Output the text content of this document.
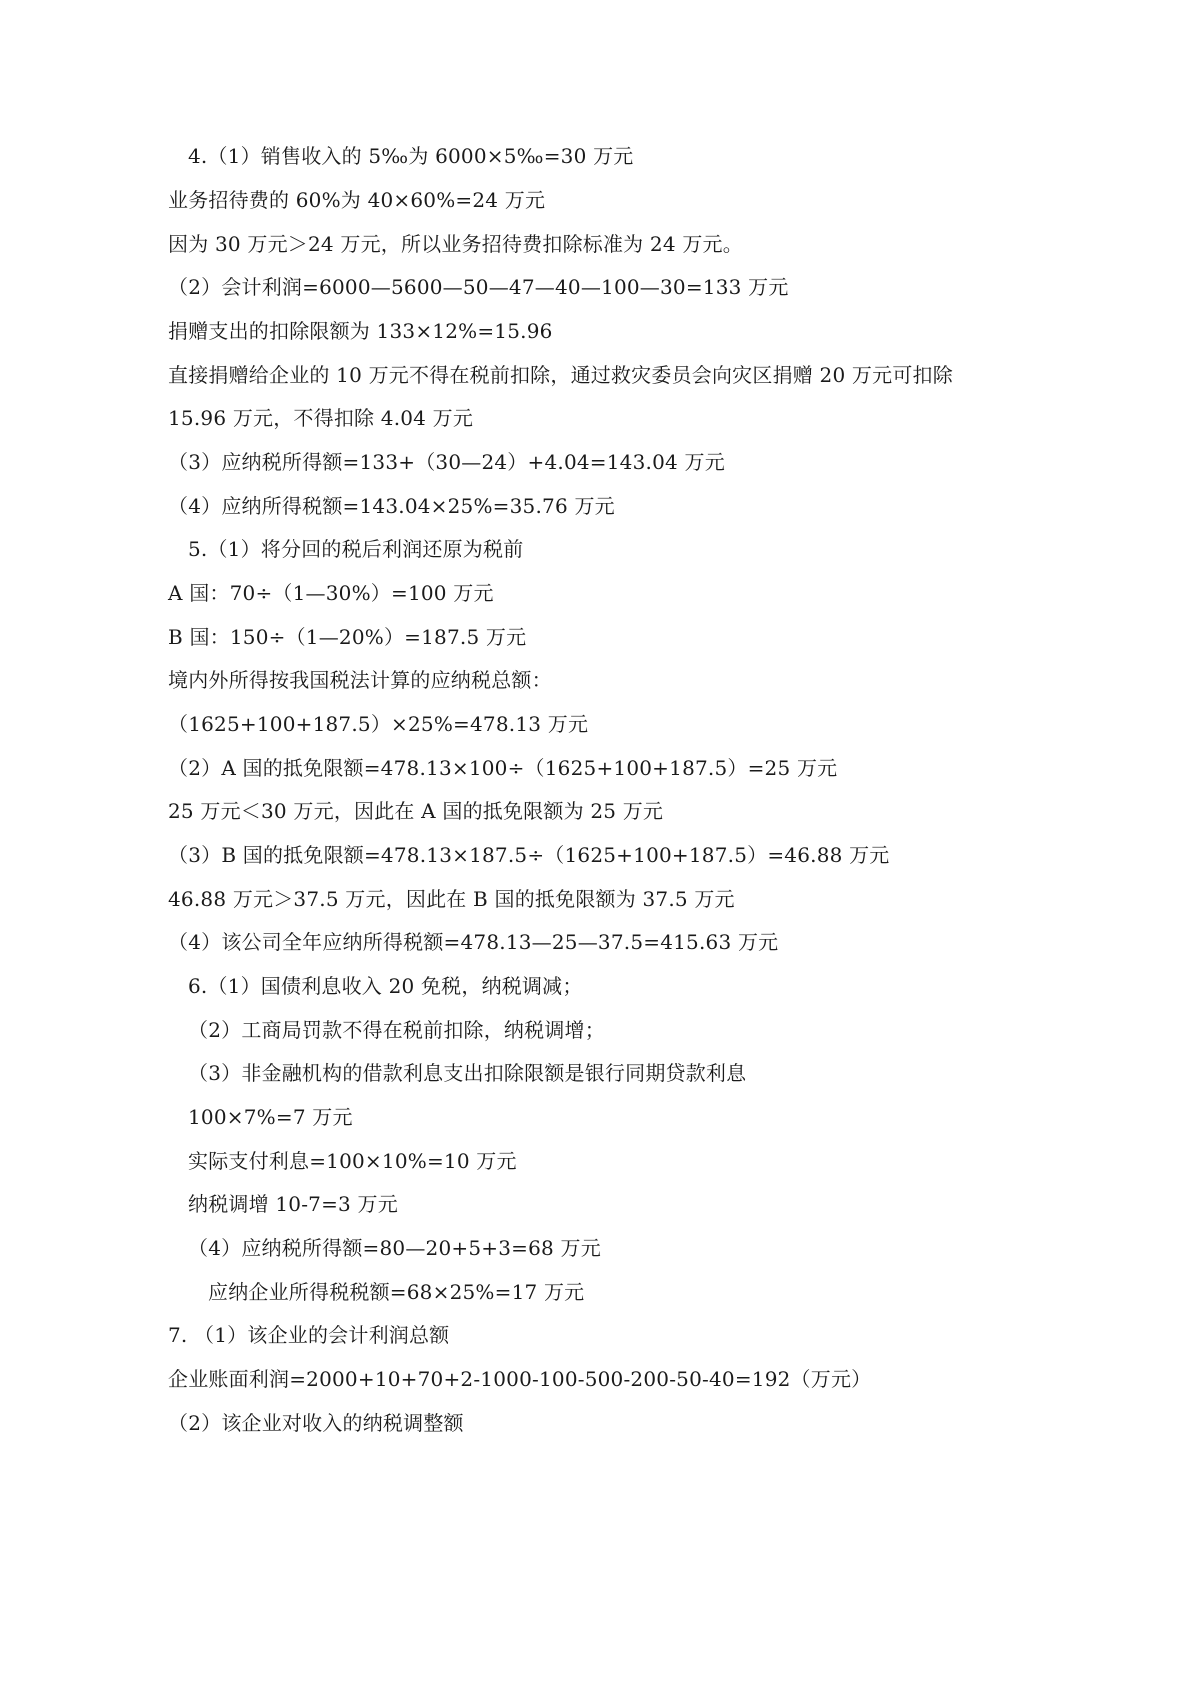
4.（1）销售收入的 5‰为 6000×5‰=30 万元
业务招待费的 60%为 40×60%=24 万元
因为 30 万元＞24 万元，所以业务招待费扣除标准为 24 万元。
（2）会计利润=6000—5600—50—47—40—100—30=133 万元
捐赠支出的扣除限额为 133×12%=15.96
直接捐赠给企业的 10 万元不得在税前扣除，通过救灾委员会向灾区捐赠 20 万元可扣除
15.96 万元，不得扣除 4.04 万元
（3）应纳税所得额=133+（30—24）+4.04=143.04 万元
（4）应纳所得税额=143.04×25%=35.76 万元
5.（1）将分回的税后利润还原为税前
A 国：70÷（1—30%）=100 万元
B 国：150÷（1—20%）=187.5 万元
境内外所得按我国税法计算的应纳税总额：
（1625+100+187.5）×25%=478.13 万元
（2）A 国的抵免限额=478.13×100÷（1625+100+187.5）=25 万元
25 万元＜30 万元，因此在 A 国的抵免限额为 25 万元
（3）B 国的抵免限额=478.13×187.5÷（1625+100+187.5）=46.88 万元
46.88 万元＞37.5 万元，因此在 B 国的抵免限额为 37.5 万元
（4）该公司全年应纳所得税额=478.13—25—37.5=415.63 万元
6.（1）国债利息收入 20 免税，纳税调减；
（2）工商局罚款不得在税前扣除，纳税调增；
（3）非金融机构的借款利息支出扣除限额是银行同期贷款利息
100×7%=7 万元
实际支付利息=100×10%=10 万元
纳税调增 10-7=3 万元
（4）应纳税所得额=80—20+5+3=68 万元
应纳企业所得税税额=68×25%=17 万元
7. （1）该企业的会计利润总额
企业账面利润=2000+10+70+2-1000-100-500-200-50-40=192（万元）
（2）该企业对收入的纳税调整额
